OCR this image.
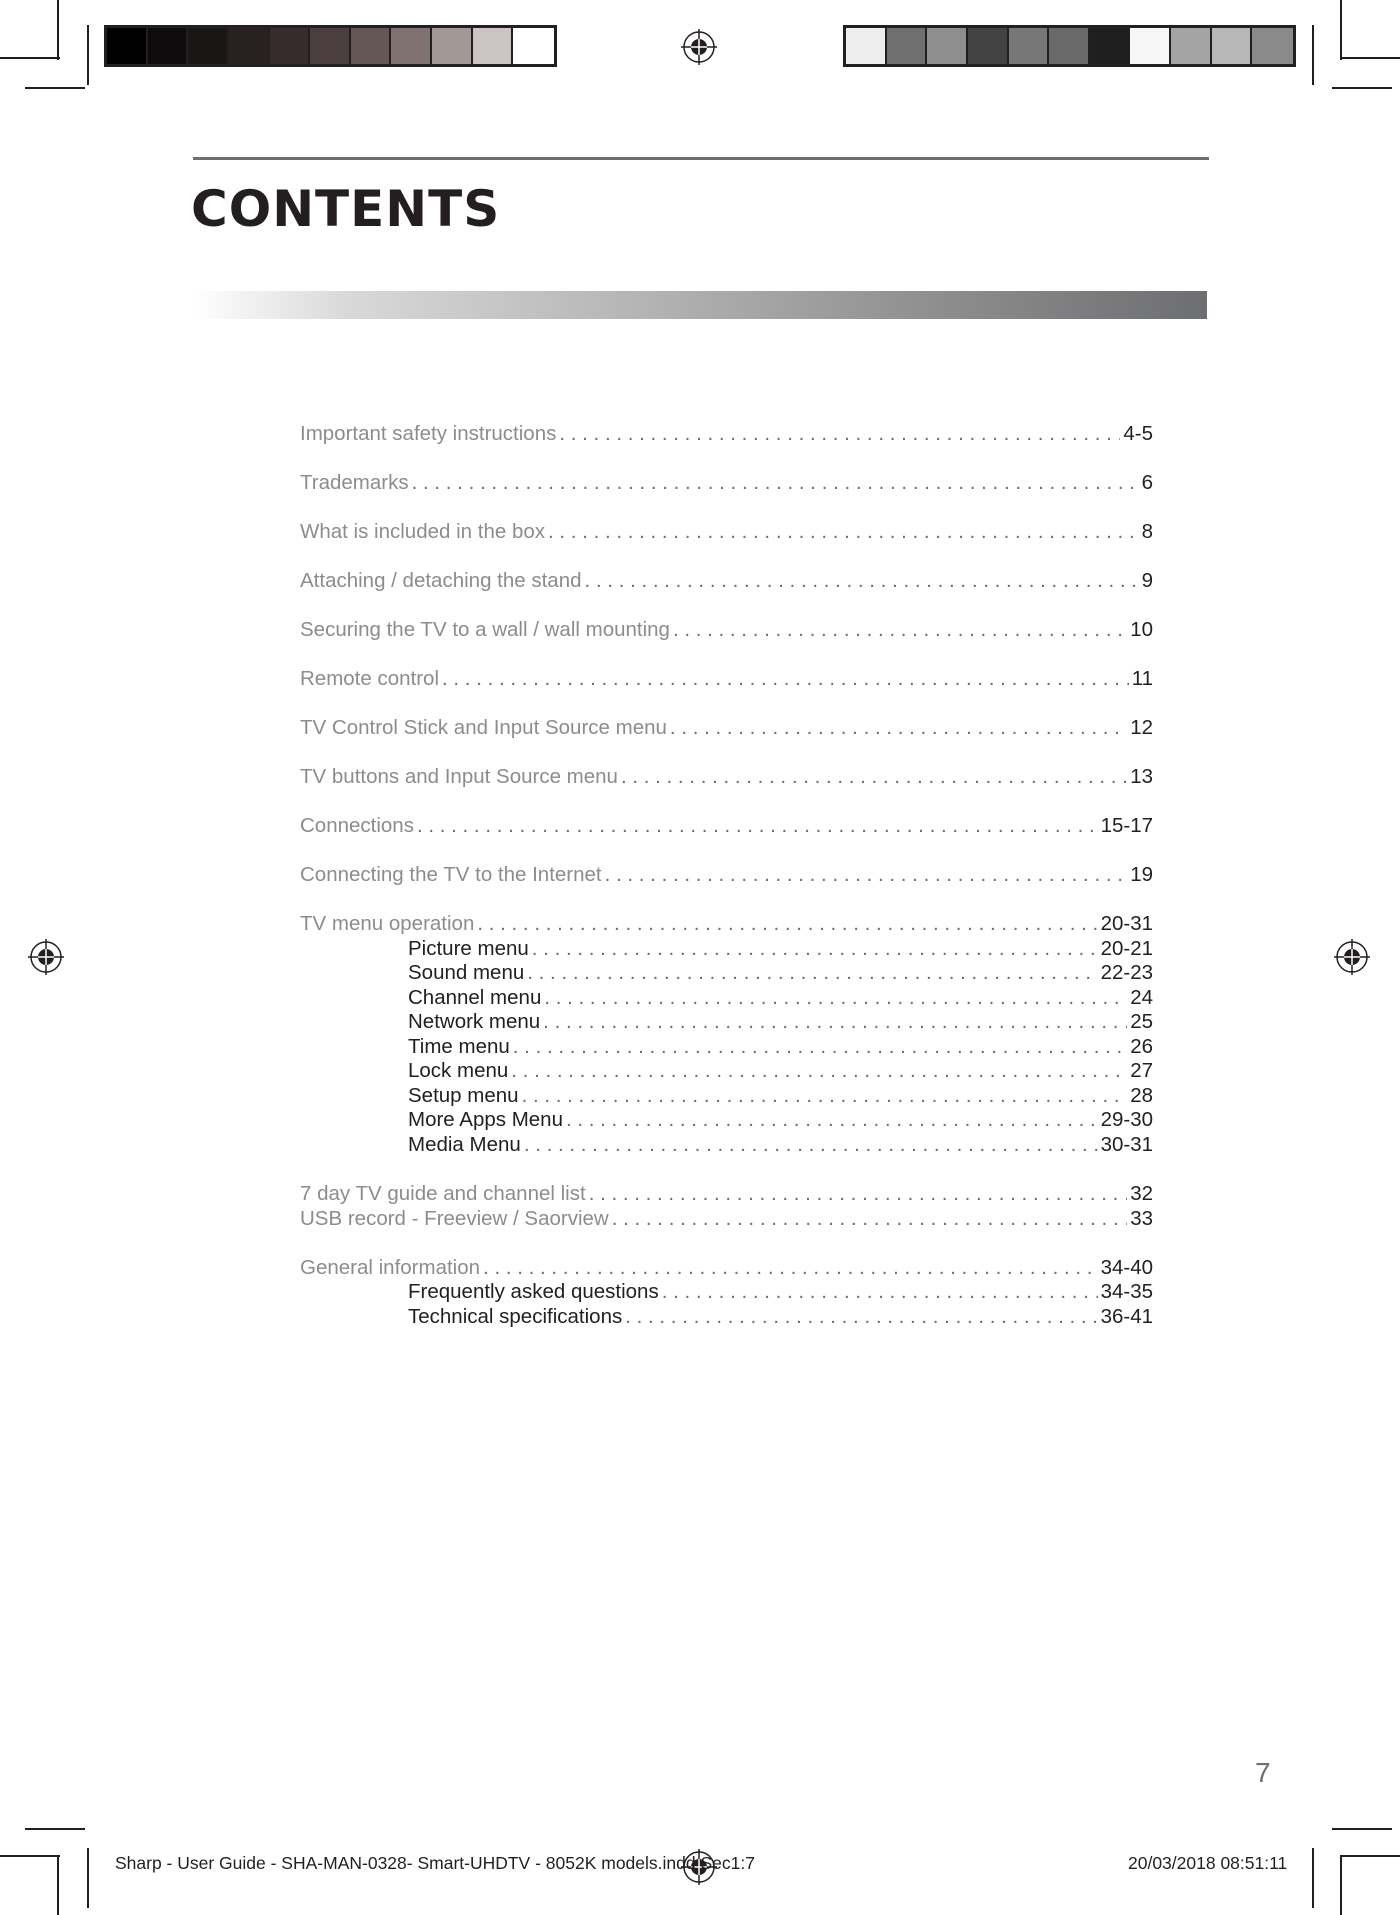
CONTENTS
Important safety instructions . . .	4-5
Trademarks . . .	6
What is included in the box . . .	8
Attaching / detaching the stand . . .	9
Securing the TV to a wall / wall mounting . . .	10
Remote control . . .	11
TV Control Stick and Input Source menu . . .	12
TV buttons and Input Source menu . . .	13
Connections . . .	15-17
Connecting the TV to the Internet . . .	19
TV menu operation . . .	20-31
Picture menu . . .	20-21
Sound menu . . .	22-23
Channel menu . . .	24
Network menu . . .	25
Time menu . . .	26
Lock menu . . .	27
Setup menu . . .	28
More Apps Menu . . .	29-30
Media Menu . . .	30-31
7 day TV guide and channel list . . .	32
USB record - Freeview / Saorview . . .	33
General information . . .	34-40
Frequently asked questions . . .	34-35
Technical specifications . . .	36-41
7
Sharp - User Guide - SHA-MAN-0328- Smart-UHDTV - 8052K models.indd Sec1:7	20/03/2018 08:51:11
